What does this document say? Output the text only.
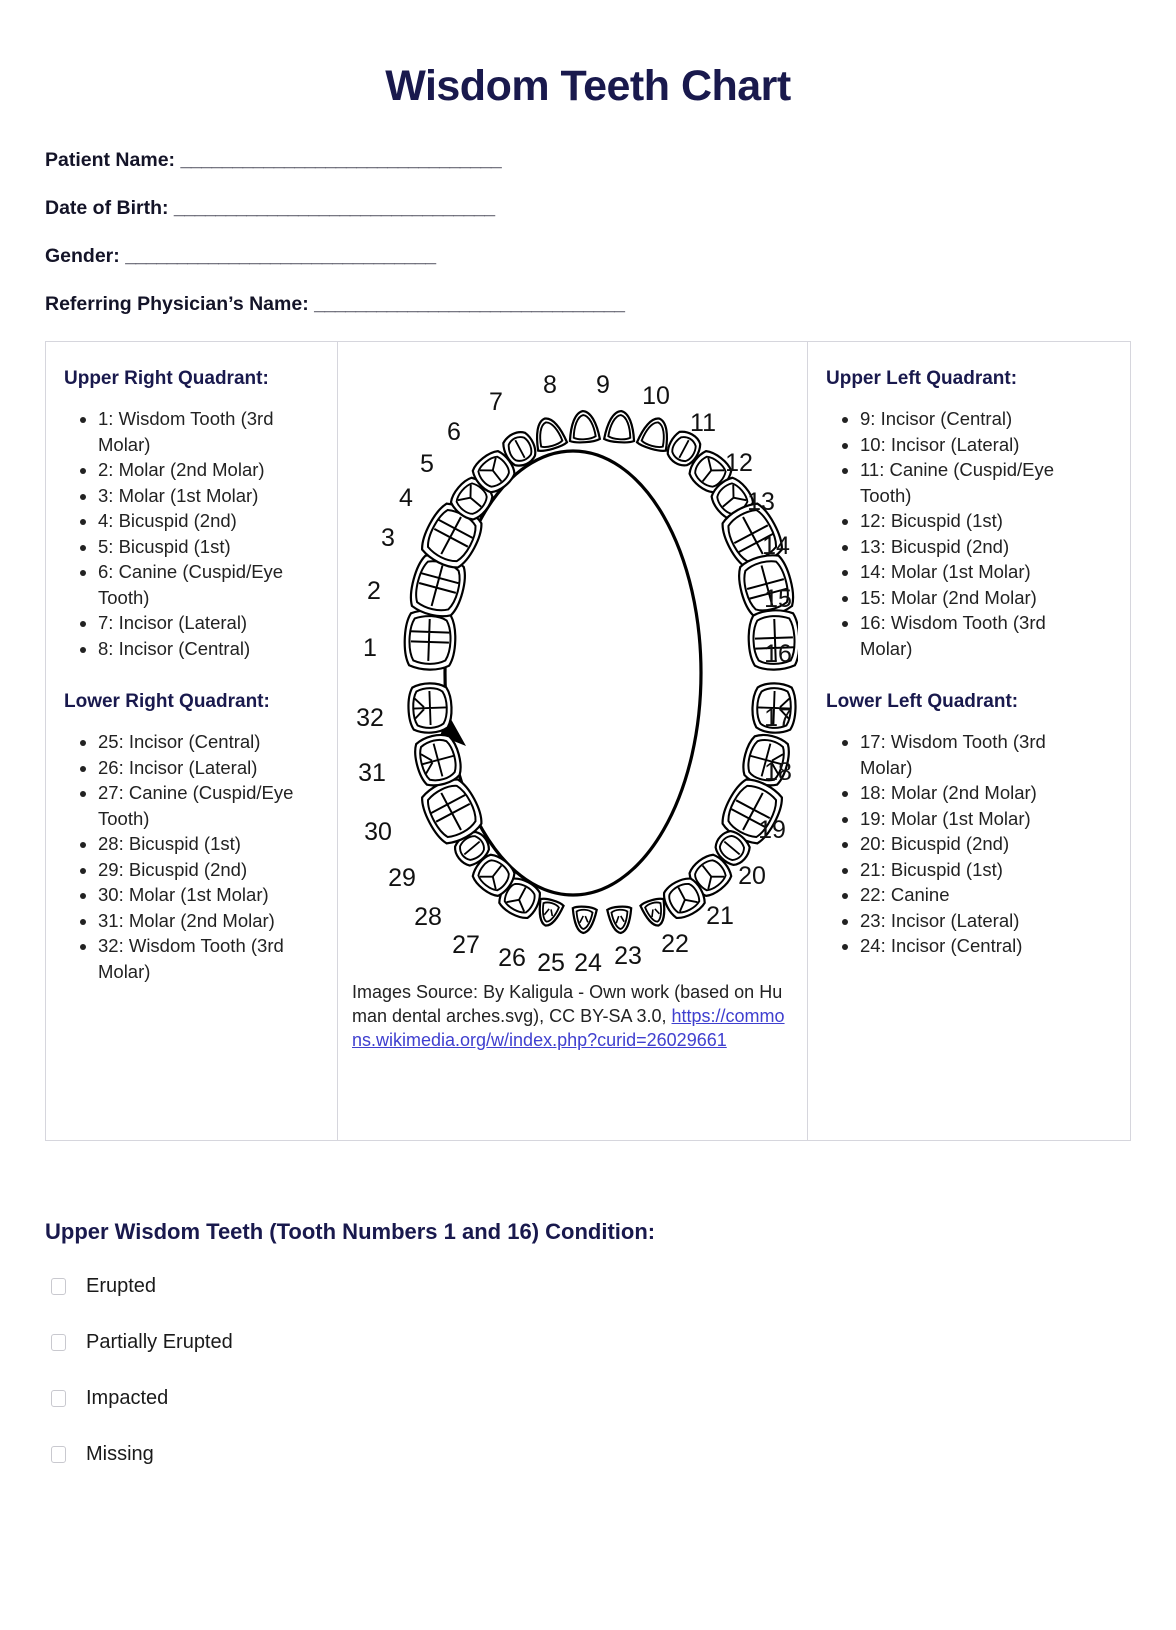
Wisdom Teeth Chart
Patient Name: _______________________________
Date of Birth: _______________________________
Gender: ______________________________
Referring Physician’s Name: ______________________________
Upper Right Quadrant:
• 1: Wisdom Tooth (3rd Molar)
• 2: Molar (2nd Molar)
• 3: Molar (1st Molar)
• 4: Bicuspid (2nd)
• 5: Bicuspid (1st)
• 6: Canine (Cuspid/Eye Tooth)
• 7: Incisor (Lateral)
• 8: Incisor (Central)
Lower Right Quadrant:
• 25: Incisor (Central)
• 26: Incisor (Lateral)
• 27: Canine (Cuspid/Eye Tooth)
• 28: Bicuspid (1st)
• 29: Bicuspid (2nd)
• 30: Molar (1st Molar)
• 31: Molar (2nd Molar)
• 32: Wisdom Tooth (3rd Molar)
1
2
3
4
5
6
7
8 9 10
11
12
13
14
15
16
17
18
19
20
21
22
23
24
25
26
27
28
29
30
31
32
Images Source: By Kaligula - Own work (based on Human dental arches.svg), CC BY-SA 3.0, https://commons.wikimedia.org/w/index.php?curid=26029661
Upper Left Quadrant:
• 9: Incisor (Central)
• 10: Incisor (Lateral)
• 11: Canine (Cuspid/Eye Tooth)
• 12: Bicuspid (1st)
• 13: Bicuspid (2nd)
• 14: Molar (1st Molar)
• 15: Molar (2nd Molar)
• 16: Wisdom Tooth (3rd Molar)
Lower Left Quadrant:
• 17: Wisdom Tooth (3rd Molar)
• 18: Molar (2nd Molar)
• 19: Molar (1st Molar)
• 20: Bicuspid (2nd)
• 21: Bicuspid (1st)
• 22: Canine
• 23: Incisor (Lateral)
• 24: Incisor (Central)
Upper Wisdom Teeth (Tooth Numbers 1 and 16) Condition:
Erupted
Partially Erupted
Impacted
Missing
